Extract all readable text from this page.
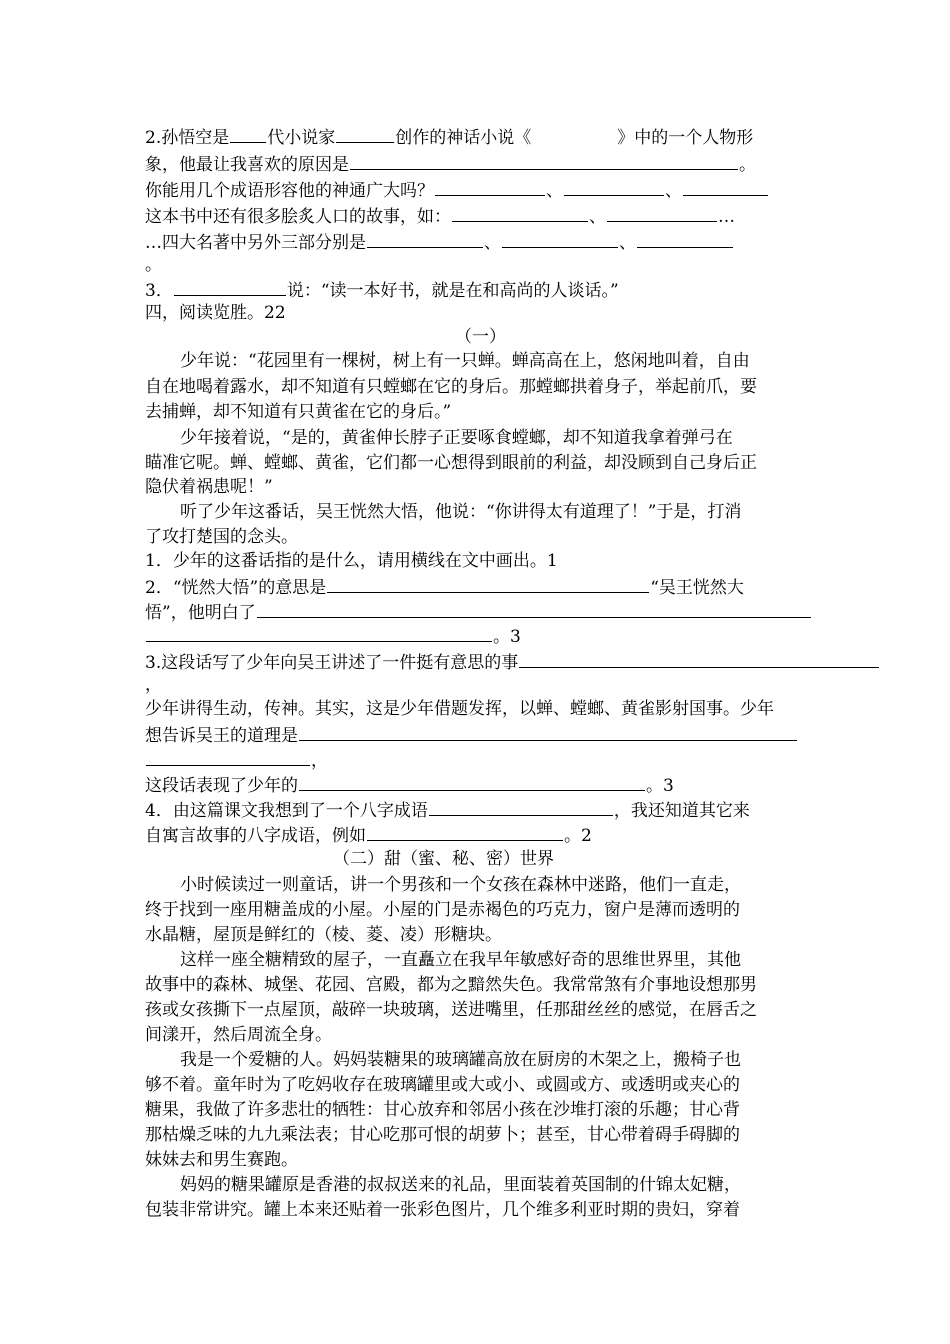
2.孙悟空是 代小说家	创作的神话小说《	》中的一个人物形
象，他最让我喜欢的原因是	。
你能用几个成语形容他的神通广大吗？	、	、
这本书中还有很多脍炙人口的故事，如：	、	…
…四大名著中另外三部分别是	、	、
。
3．	说：“读一本好书，就是在和高尚的人谈话。”
四，阅读览胜。22
（一）
少年说：“花园里有一棵树，树上有一只蝉。蝉高高在上，悠闲地叫着，自由
自在地喝着露水，却不知道有只螳螂在它的身后。那螳螂拱着身子，举起前爪，要
去捕蝉，却不知道有只黄雀在它的身后。”
少年接着说，“是的，黄雀伸长脖子正要啄食螳螂，却不知道我拿着弹弓在
瞄准它呢。蝉、螳螂、黄雀，它们都一心想得到眼前的利益，却没顾到自己身后正
隐伏着祸患呢！”
听了少年这番话，吴王恍然大悟，他说：“你讲得太有道理了！”于是，打消
了攻打楚国的念头。
1．少年的这番话指的是什么，请用横线在文中画出。1
2．“恍然大悟”的意思是	“吴王恍然大
悟”，他明白了
。3
3.这段话写了少年向吴王讲述了一件挺有意思的事
，
少年讲得生动，传神。其实，这是少年借题发挥，以蝉、螳螂、黄雀影射国事。少年
想告诉吴王的道理是
，
这段话表现了少年的	。3
4．由这篇课文我想到了一个八字成语	，我还知道其它来
自寓言故事的八字成语，例如	。2
（二）甜（蜜、秘、密）世界
小时候读过一则童话，讲一个男孩和一个女孩在森林中迷路，他们一直走，
终于找到一座用糖盖成的小屋。小屋的门是赤褐色的巧克力，窗户是薄而透明的
水晶糖，屋顶是鲜红的（棱、菱、凌）形糖块。
这样一座全糖精致的屋子，一直矗立在我早年敏感好奇的思维世界里，其他
故事中的森林、城堡、花园、宫殿，都为之黯然失色。我常常煞有介事地设想那男
孩或女孩撕下一点屋顶，敲碎一块玻璃，送进嘴里，任那甜丝丝的感觉，在唇舌之
间漾开，然后周流全身。
我是一个爱糖的人。妈妈装糖果的玻璃罐高放在厨房的木架之上，搬椅子也
够不着。童年时为了吃妈收存在玻璃罐里或大或小、或圆或方、或透明或夹心的
糖果，我做了许多悲壮的牺牲：甘心放弃和邻居小孩在沙堆打滚的乐趣；甘心背
那枯燥乏味的九九乘法表；甘心吃那可恨的胡萝卜；甚至，甘心带着碍手碍脚的
妹妹去和男生赛跑。
妈妈的糖果罐原是香港的叔叔送来的礼品，里面装着英国制的什锦太妃糖，
包装非常讲究。罐上本来还贴着一张彩色图片，几个维多利亚时期的贵妇，穿着
